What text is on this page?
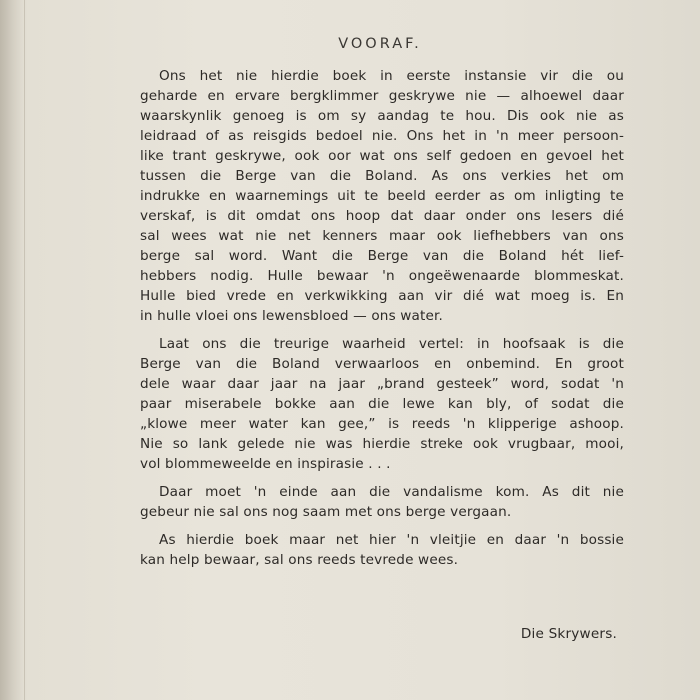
VOORAF.

Ons het nie hierdie boek in eerste instansie vir die ou
geharde en ervare bergklimmer geskrywe nie — alhoewel daar
waarskynlik genoeg is om sy aandag te hou. Dis ook nie as
leidraad of as reisgids bedoel nie. Ons het in 'n meer persoon-
like trant geskrywe, ook oor wat ons self gedoen en gevoel het
tussen die Berge van die Boland. As ons verkies het om
indrukke en waarnemings uit te beeld eerder as om inligting te
verskaf, is dit omdat ons hoop dat daar onder ons lesers dié
sal wees wat nie net kenners maar ook liefhebbers van ons
berge sal word. Want die Berge van die Boland hét lief-
hebbers nodig. Hulle bewaar 'n ongeëwenaarde blommeskat.
Hulle bied vrede en verkwikking aan vir dié wat moeg is. En
in hulle vloei ons lewensbloed — ons water.

Laat ons die treurige waarheid vertel: in hoofsaak is die
Berge van die Boland verwaarloos en onbemind. En groot
dele waar daar jaar na jaar „brand gesteek” word, sodat 'n
paar miserabele bokke aan die lewe kan bly, of sodat die
„klowe meer water kan gee,” is reeds 'n klipperige ashoop.
Nie so lank gelede nie was hierdie streke ook vrugbaar, mooi,
vol blommeweelde en inspirasie . . .

Daar moet 'n einde aan die vandalisme kom. As dit nie
gebeur nie sal ons nog saam met ons berge vergaan.

As hierdie boek maar net hier 'n vleitjie en daar 'n bossie
kan help bewaar, sal ons reeds tevrede wees.

Die Skrywers.
